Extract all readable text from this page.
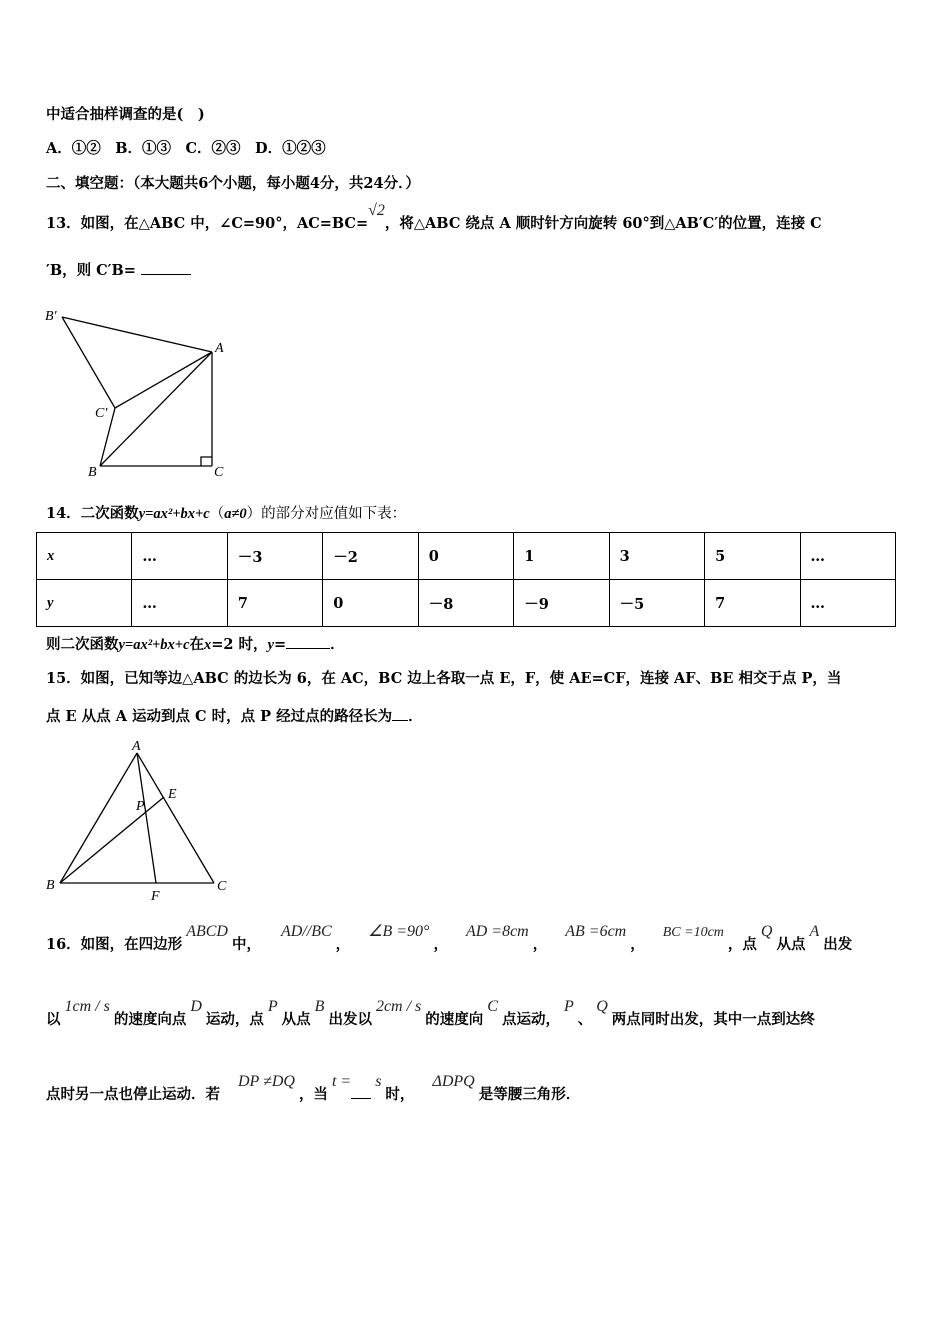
中适合抽样调查的是(　)
A．①②　B．①③　C．②③　D．①②③
二、填空题：（本大题共6个小题，每小题4分，共24分．）
13．如图，在△ABC 中，∠C=90°，AC=BC=√2，将△ABC 绕点 A 顺时针方向旋转 60°到△AB′C′的位置，连接 C
′B，则 C′B=
B'
A
C'
B	C
A
B	C
E
F
P
14．二次函数y=ax²+bx+c（a≠0）的部分对应值如下表：
x	…	－3	－2	0	1	3	5	…
y	…	7	0	－8	－9	－5	7	…
则二次函数y=ax²+bx+c在x=2 时，y=	．
15．如图，已知等边△ABC 的边长为 6，在 AC，BC 边上各取一点 E，F，使 AE=CF，连接 AF、BE 相交于点 P，当
点 E 从点 A 运动到点 C 时，点 P 经过点的路径长为 ．
16．如图，在四边形ABCD中，AD//BC，∠B =90°，AD =8cm，AB =6cm，BC =10cm，点Q从点A出发
以1cm / s的速度向点D运动，点P从点B出发以2cm / s的速度向C点运动，P、Q两点同时出发，其中一点到达终
点时另一点也停止运动．若DP ≠DQ，当t = s时，ΔDPQ是等腰三角形．
